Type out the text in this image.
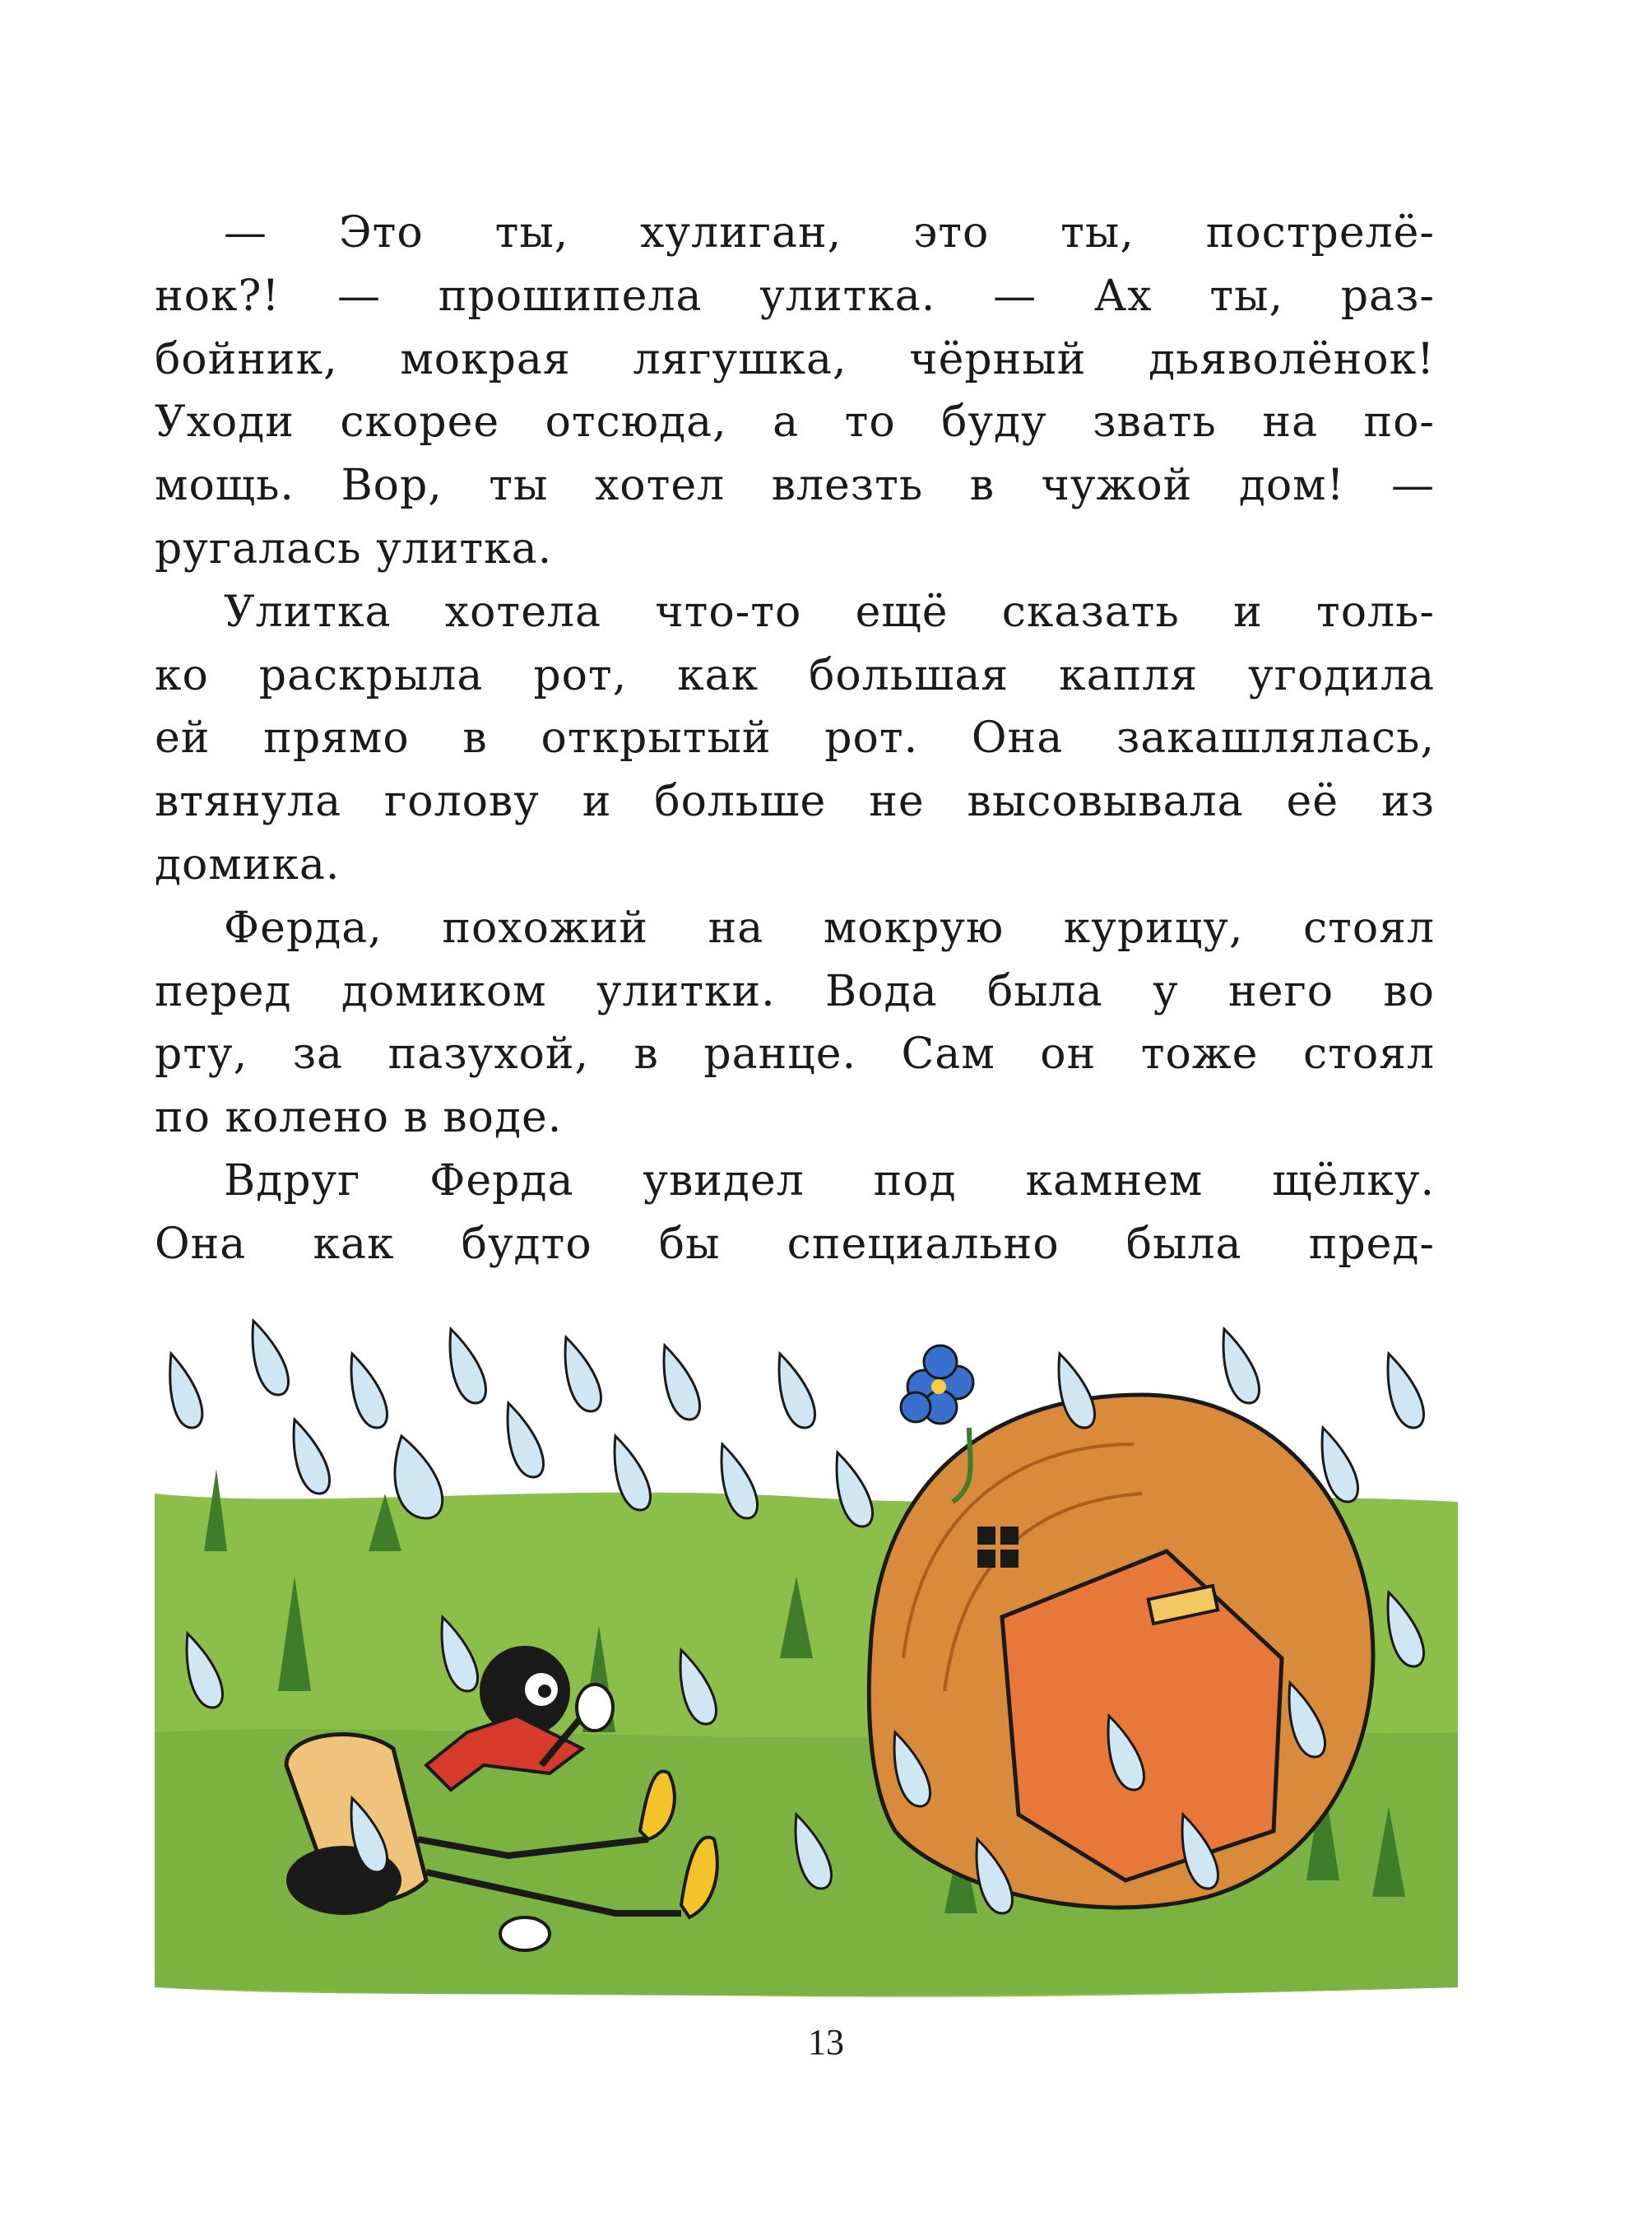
— Это ты, хулиган, это ты, пострелё-
нок?! — прошипела улитка. — Ах ты, раз-
бойник, мокрая лягушка, чёрный дьяволёнок!
Уходи скорее отсюда, а то буду звать на по-
мощь. Вор, ты хотел влезть в чужой дом! —
ругалась улитка.
Улитка хотела что-то ещё сказать и толь-
ко раскрыла рот, как большая капля угодила
ей прямо в открытый рот. Она закашлялась,
втянула голову и больше не высовывала её из
домика.
Ферда, похожий на мокрую курицу, стоял
перед домиком улитки. Вода была у него во
рту, за пазухой, в ранце. Сам он тоже стоял
по колено в воде.
Вдруг Ферда увидел под камнем щёлку.
Она как будто бы специально была пред-
13
